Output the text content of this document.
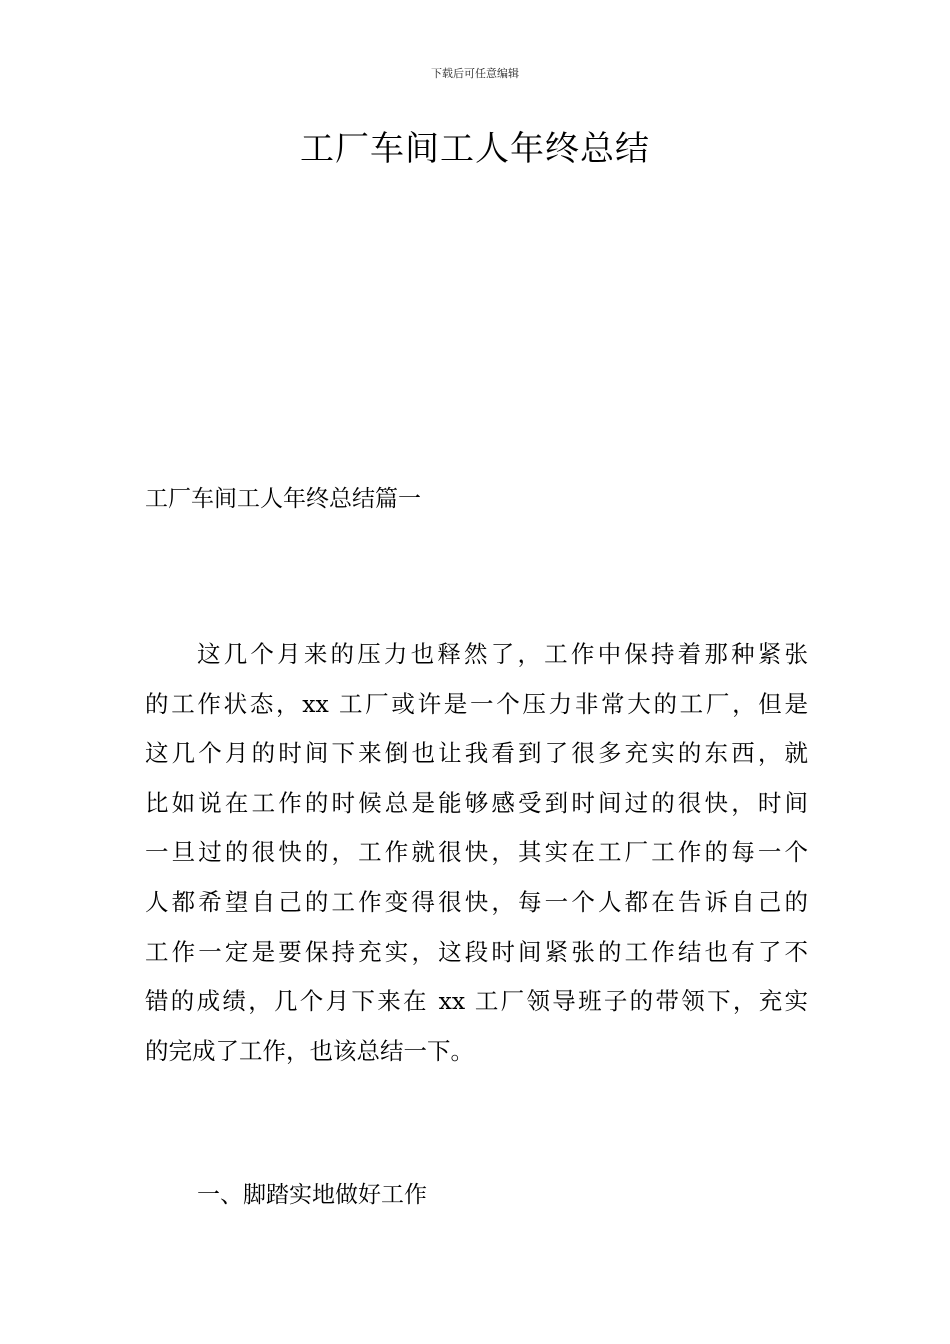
下载后可任意编辑
工厂车间工人年终总结
工厂车间工人年终总结篇一
这几个月来的压力也释然了，工作中保持着那种紧张
的工作状态，xx 工厂或许是一个压力非常大的工厂，但是
这几个月的时间下来倒也让我看到了很多充实的东西，就
比如说在工作的时候总是能够感受到时间过的很快，时间
一旦过的很快的，工作就很快，其实在工厂工作的每一个
人都希望自己的工作变得很快，每一个人都在告诉自己的
工作一定是要保持充实，这段时间紧张的工作结也有了不
错的成绩，几个月下来在 xx 工厂领导班子的带领下，充实
的完成了工作，也该总结一下。
一、脚踏实地做好工作
